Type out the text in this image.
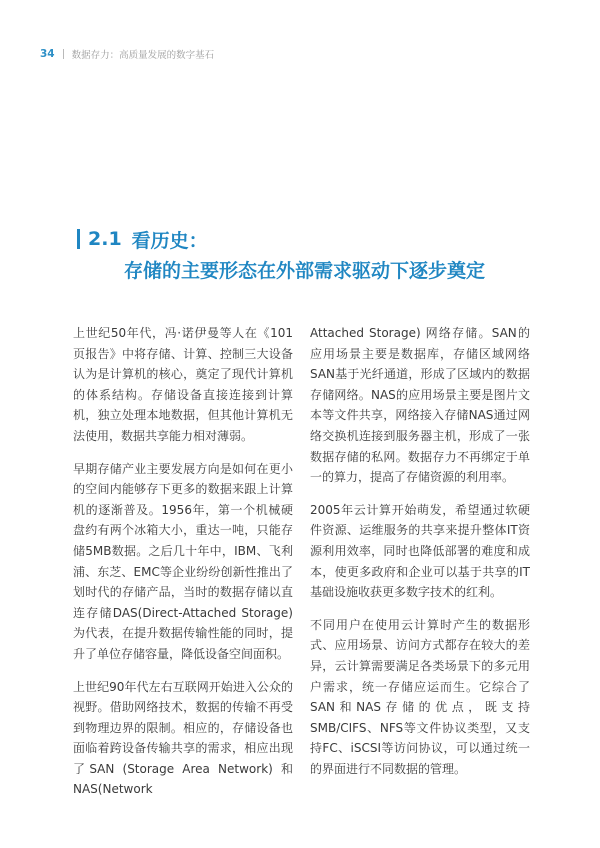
34 数据存力：高质量发展的数字基石
2.1 看历史：
存储的主要形态在外部需求驱动下逐步奠定

上世纪50年代，冯·诺伊曼等人在《101页报告》中将存储、计算、控制三大设备认为是计算机的核心，奠定了现代计算机的体系结构。存储设备直接连接到计算机，独立处理本地数据，但其他计算机无法使用，数据共享能力相对薄弱。

早期存储产业主要发展方向是如何在更小的空间内能够存下更多的数据来跟上计算机的逐渐普及。1956年，第一个机械硬盘约有两个冰箱大小，重达一吨，只能存储5MB数据。之后几十年中，IBM、飞利浦、东芝、EMC等企业纷纷创新性推出了划时代的存储产品，当时的数据存储以直连存储DAS(Direct-Attached Storage) 为代表，在提升数据传输性能的同时，提升了单位存储容量，降低设备空间面积。

上世纪90年代左右互联网开始进入公众的视野。借助网络技术，数据的传输不再受到物理边界的限制。相应的，存储设备也面临着跨设备传输共享的需求，相应出现了SAN (Storage Area Network) 和 NAS(Network

Attached Storage) 网络存储。SAN的应用场景主要是数据库，存储区域网络SAN基于光纤通道，形成了区域内的数据存储网络。NAS的应用场景主要是图片文本等文件共享，网络接入存储NAS通过网络交换机连接到服务器主机，形成了一张数据存储的私网。数据存力不再绑定于单一的算力，提高了存储资源的利用率。

2005年云计算开始萌发，希望通过软硬件资源、运维服务的共享来提升整体IT资源利用效率，同时也降低部署的难度和成本，使更多政府和企业可以基于共享的IT基础设施收获更多数字技术的红利。

不同用户在使用云计算时产生的数据形式、应用场景、访问方式都存在较大的差异，云计算需要满足各类场景下的多元用户需求，统一存储应运而生。它综合了SAN和NAS存储的优点，既支持SMB/CIFS、NFS等文件协议类型，又支持FC、iSCSI等访问协议，可以通过统一的界面进行不同数据的管理。
